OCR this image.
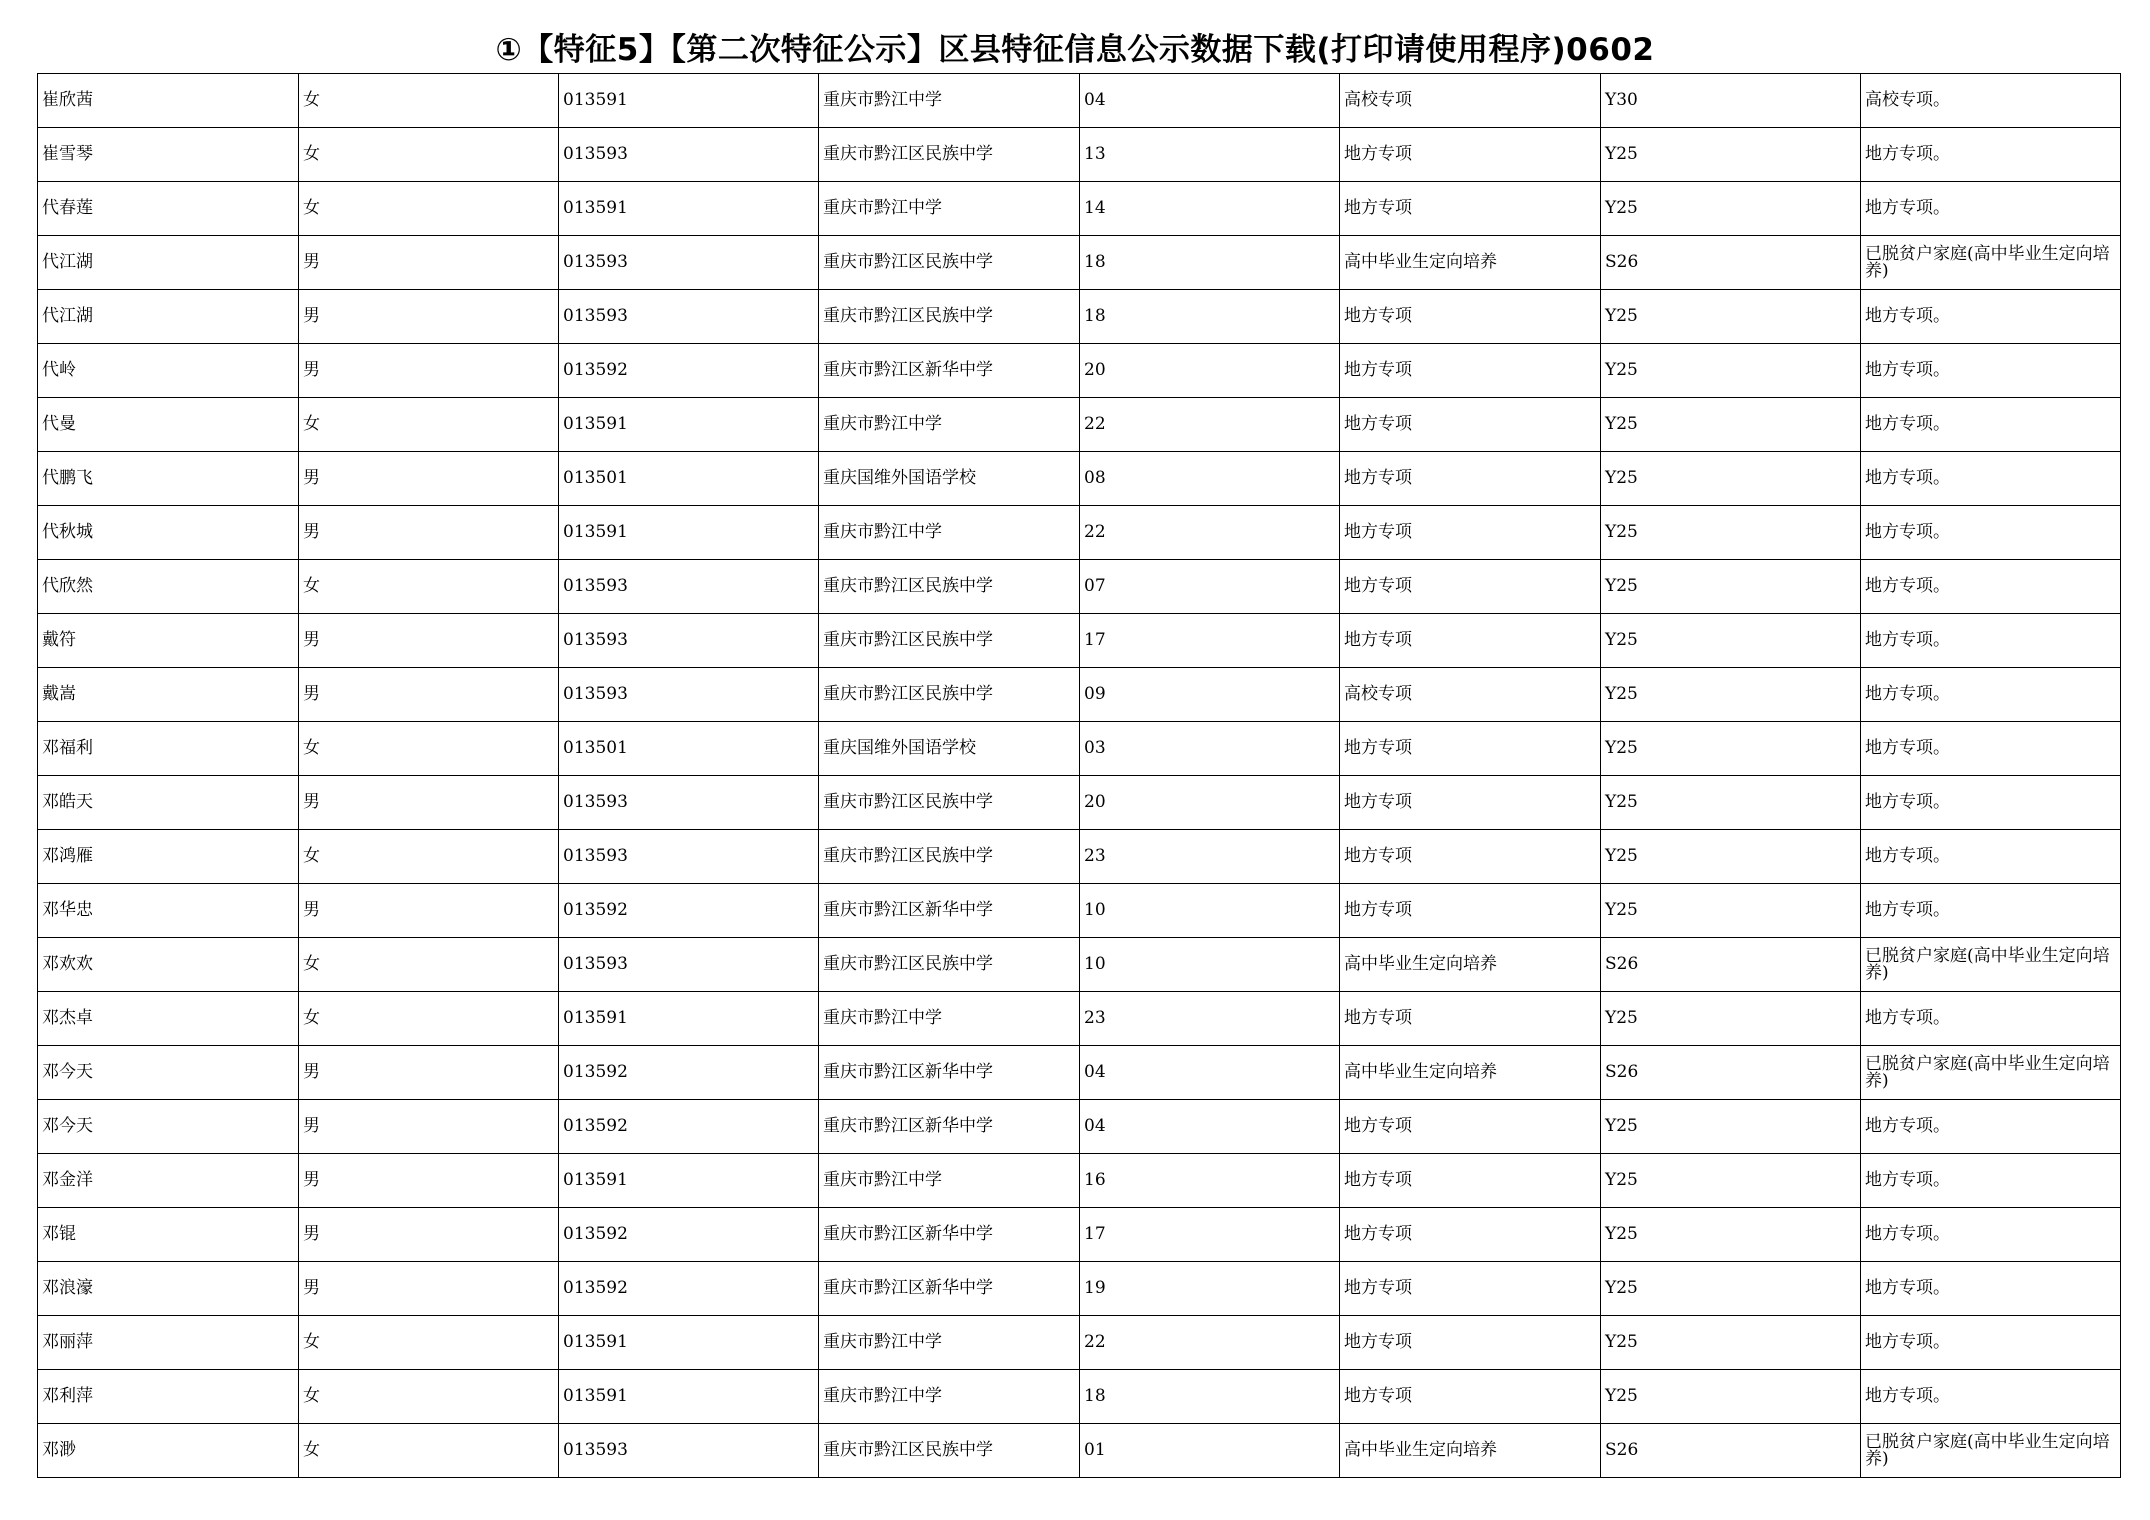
①【特征5】【第二次特征公示】区县特征信息公示数据下载(打印请使用程序)0602
崔欣茜	女	013591	重庆市黔江中学	04	高校专项	Y30	高校专项。
崔雪琴	女	013593	重庆市黔江区民族中学	13	地方专项	Y25	地方专项。
代春莲	女	013591	重庆市黔江中学	14	地方专项	Y25	地方专项。
代江湖	男	013593	重庆市黔江区民族中学	18	高中毕业生定向培养	S26	已脱贫户家庭(高中毕业生定向培养)
代江湖	男	013593	重庆市黔江区民族中学	18	地方专项	Y25	地方专项。
代岭	男	013592	重庆市黔江区新华中学	20	地方专项	Y25	地方专项。
代曼	女	013591	重庆市黔江中学	22	地方专项	Y25	地方专项。
代鹏飞	男	013501	重庆国维外国语学校	08	地方专项	Y25	地方专项。
代秋城	男	013591	重庆市黔江中学	22	地方专项	Y25	地方专项。
代欣然	女	013593	重庆市黔江区民族中学	07	地方专项	Y25	地方专项。
戴符	男	013593	重庆市黔江区民族中学	17	地方专项	Y25	地方专项。
戴嵩	男	013593	重庆市黔江区民族中学	09	高校专项	Y25	地方专项。
邓福利	女	013501	重庆国维外国语学校	03	地方专项	Y25	地方专项。
邓皓天	男	013593	重庆市黔江区民族中学	20	地方专项	Y25	地方专项。
邓鸿雁	女	013593	重庆市黔江区民族中学	23	地方专项	Y25	地方专项。
邓华忠	男	013592	重庆市黔江区新华中学	10	地方专项	Y25	地方专项。
邓欢欢	女	013593	重庆市黔江区民族中学	10	高中毕业生定向培养	S26	已脱贫户家庭(高中毕业生定向培养)
邓杰卓	女	013591	重庆市黔江中学	23	地方专项	Y25	地方专项。
邓今天	男	013592	重庆市黔江区新华中学	04	高中毕业生定向培养	S26	已脱贫户家庭(高中毕业生定向培养)
邓今天	男	013592	重庆市黔江区新华中学	04	地方专项	Y25	地方专项。
邓金洋	男	013591	重庆市黔江中学	16	地方专项	Y25	地方专项。
邓锟	男	013592	重庆市黔江区新华中学	17	地方专项	Y25	地方专项。
邓浪濠	男	013592	重庆市黔江区新华中学	19	地方专项	Y25	地方专项。
邓丽萍	女	013591	重庆市黔江中学	22	地方专项	Y25	地方专项。
邓利萍	女	013591	重庆市黔江中学	18	地方专项	Y25	地方专项。
邓渺	女	013593	重庆市黔江区民族中学	01	高中毕业生定向培养	S26	已脱贫户家庭(高中毕业生定向培养)
